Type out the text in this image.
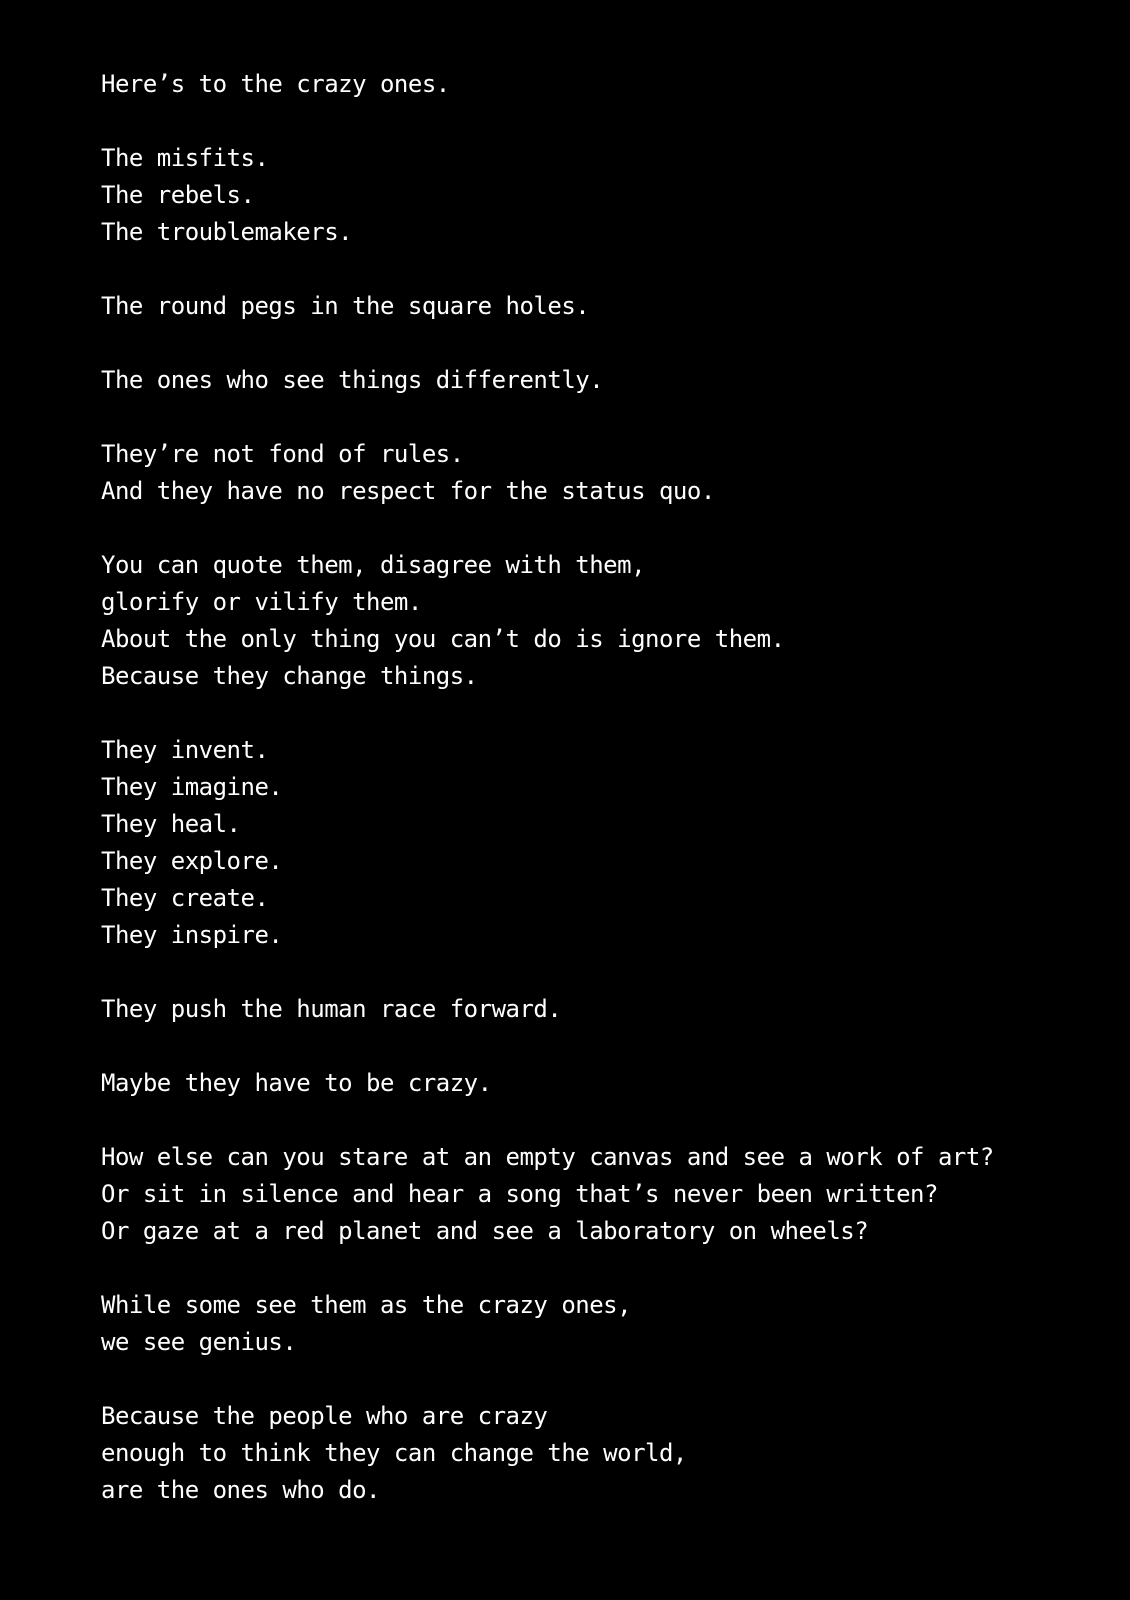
Here’s to the crazy ones.
The misfits.
The rebels.
The troublemakers.
The round pegs in the square holes.
The ones who see things differently.
They’re not fond of rules.
And they have no respect for the status quo.
You can quote them, disagree with them,
glorify or vilify them.
About the only thing you can’t do is ignore them.
Because they change things.
They invent.
They imagine.
They heal.
They explore.
They create.
They inspire.
They push the human race forward.
Maybe they have to be crazy.
How else can you stare at an empty canvas and see a work of art?
Or sit in silence and hear a song that’s never been written?
Or gaze at a red planet and see a laboratory on wheels?
While some see them as the crazy ones,
we see genius.
Because the people who are crazy
enough to think they can change the world,
are the ones who do.
